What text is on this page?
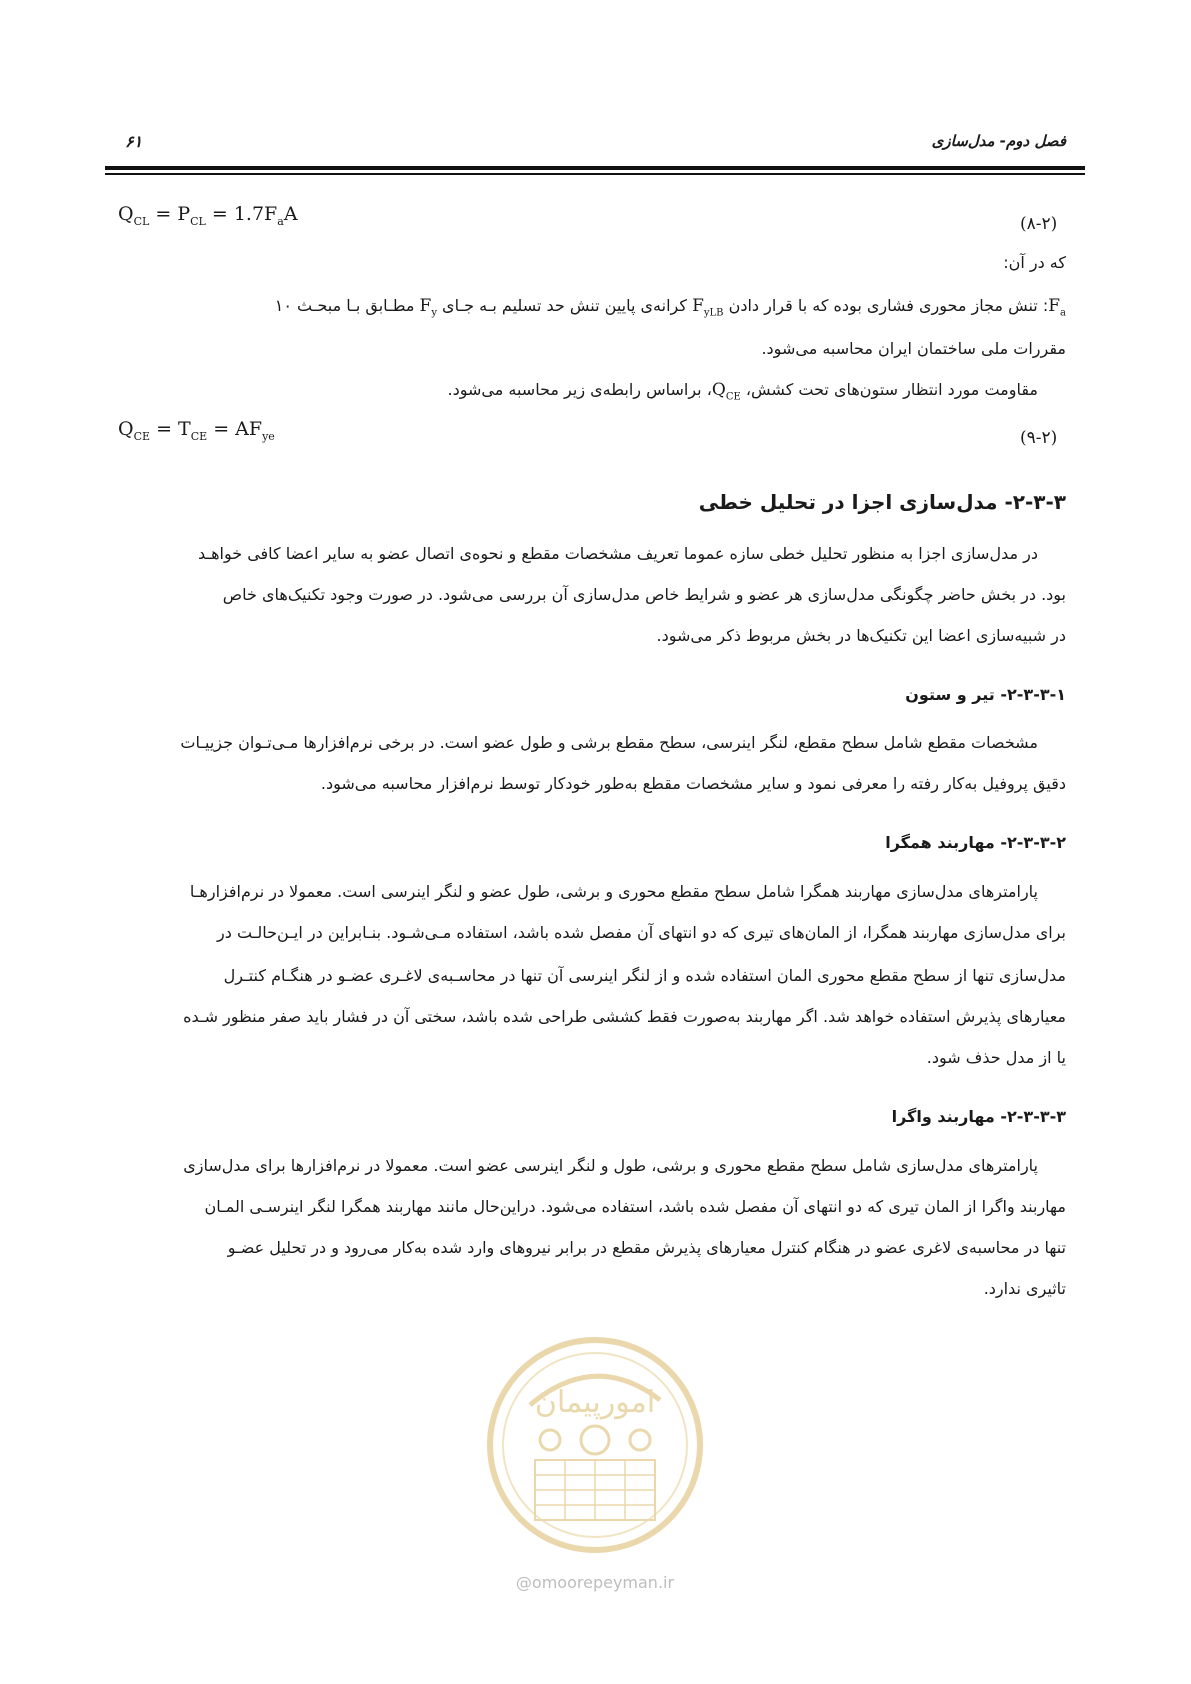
فصل دوم- مدل‌سازی
۶۱
$Q_{CL} = P_{CL} = 1.7F_aA$	(۸-۲)
که در آن:
$F_a$: تنش مجاز محوری فشاری بوده که با قرار دادن $F_{yLB}$ کرانه‌ی پایین تنش حد تسلیم بـه جـای $F_y$ مطـابق بـا مبحـث ۱۰
مقررات ملی ساختمان ایران محاسبه می‌شود.
مقاومت مورد انتظار ستون‌های تحت کشش، $Q_{CE}،$ براساس رابطه‌ی زیر محاسبه می‌شود.
$Q_{CE} = T_{CE} = AF_{ye}$	(۹-۲)
۲-۳-۳- مدل‌سازی اجزا در تحلیل خطی
در مدل‌سازی اجزا به منظور تحلیل خطی سازه عموما تعریف مشخصات مقطع و نحوه‌ی اتصال عضو به سایر اعضا کافی خواهـد
بود. در بخش حاضر چگونگی مدل‌سازی هر عضو و شرایط خاص مدل‌سازی آن بررسی می‌شود. در صورت وجود تکنیک‌های خاص
در شبیه‌سازی اعضا این تکنیک‌ها در بخش مربوط ذکر می‌شود.
۲-۳-۳-۱- تیر و ستون
مشخصات مقطع شامل سطح مقطع، لنگر اینرسی، سطح مقطع برشی و طول عضو است. در برخی نرم‌افزارها مـی‌تـوان جزییـات
دقیق پروفیل به‌کار رفته را معرفی نمود و سایر مشخصات مقطع به‌طور خودکار توسط نرم‌افزار محاسبه می‌شود.
۲-۳-۳-۲- مهاربند همگرا
پارامترهای مدل‌سازی مهاربند همگرا شامل سطح مقطع محوری و برشی، طول عضو و لنگر اینرسی است. معمولا در نرم‌افزارهـا
برای مدل‌سازی مهاربند همگرا، از المان‌های تیری که دو انتهای آن مفصل شده باشد، استفاده مـی‌شـود. بنـابراین در ایـن‌حالـت در
مدل‌سازی تنها از سطح مقطع محوری المان استفاده شده و از لنگر اینرسی آن تنها در محاسـبه‌ی لاغـری عضـو در هنگـام کنتـرل
معیارهای پذیرش استفاده خواهد شد. اگر مهاربند به‌صورت فقط کششی طراحی شده باشد، سختی آن در فشار باید صفر منظور شـده
یا از مدل حذف شود.
۲-۳-۳-۳- مهاربند واگرا
پارامترهای مدل‌سازی شامل سطح مقطع محوری و برشی، طول و لنگر اینرسی عضو است. معمولا در نرم‌افزارها برای مدل‌سازی
مهاربند واگرا از المان تیری که دو انتهای آن مفصل شده باشد، استفاده می‌شود. دراین‌حال مانند مهاربند همگرا لنگر اینرسـی المـان
تنها در محاسبه‌ی لاغری عضو در هنگام کنترل معیارهای پذیرش مقطع در برابر نیروهای وارد شده به‌کار می‌رود و در تحلیل عضـو
تاثیری ندارد.
امورپیمان
@omoorepeyman.ir
